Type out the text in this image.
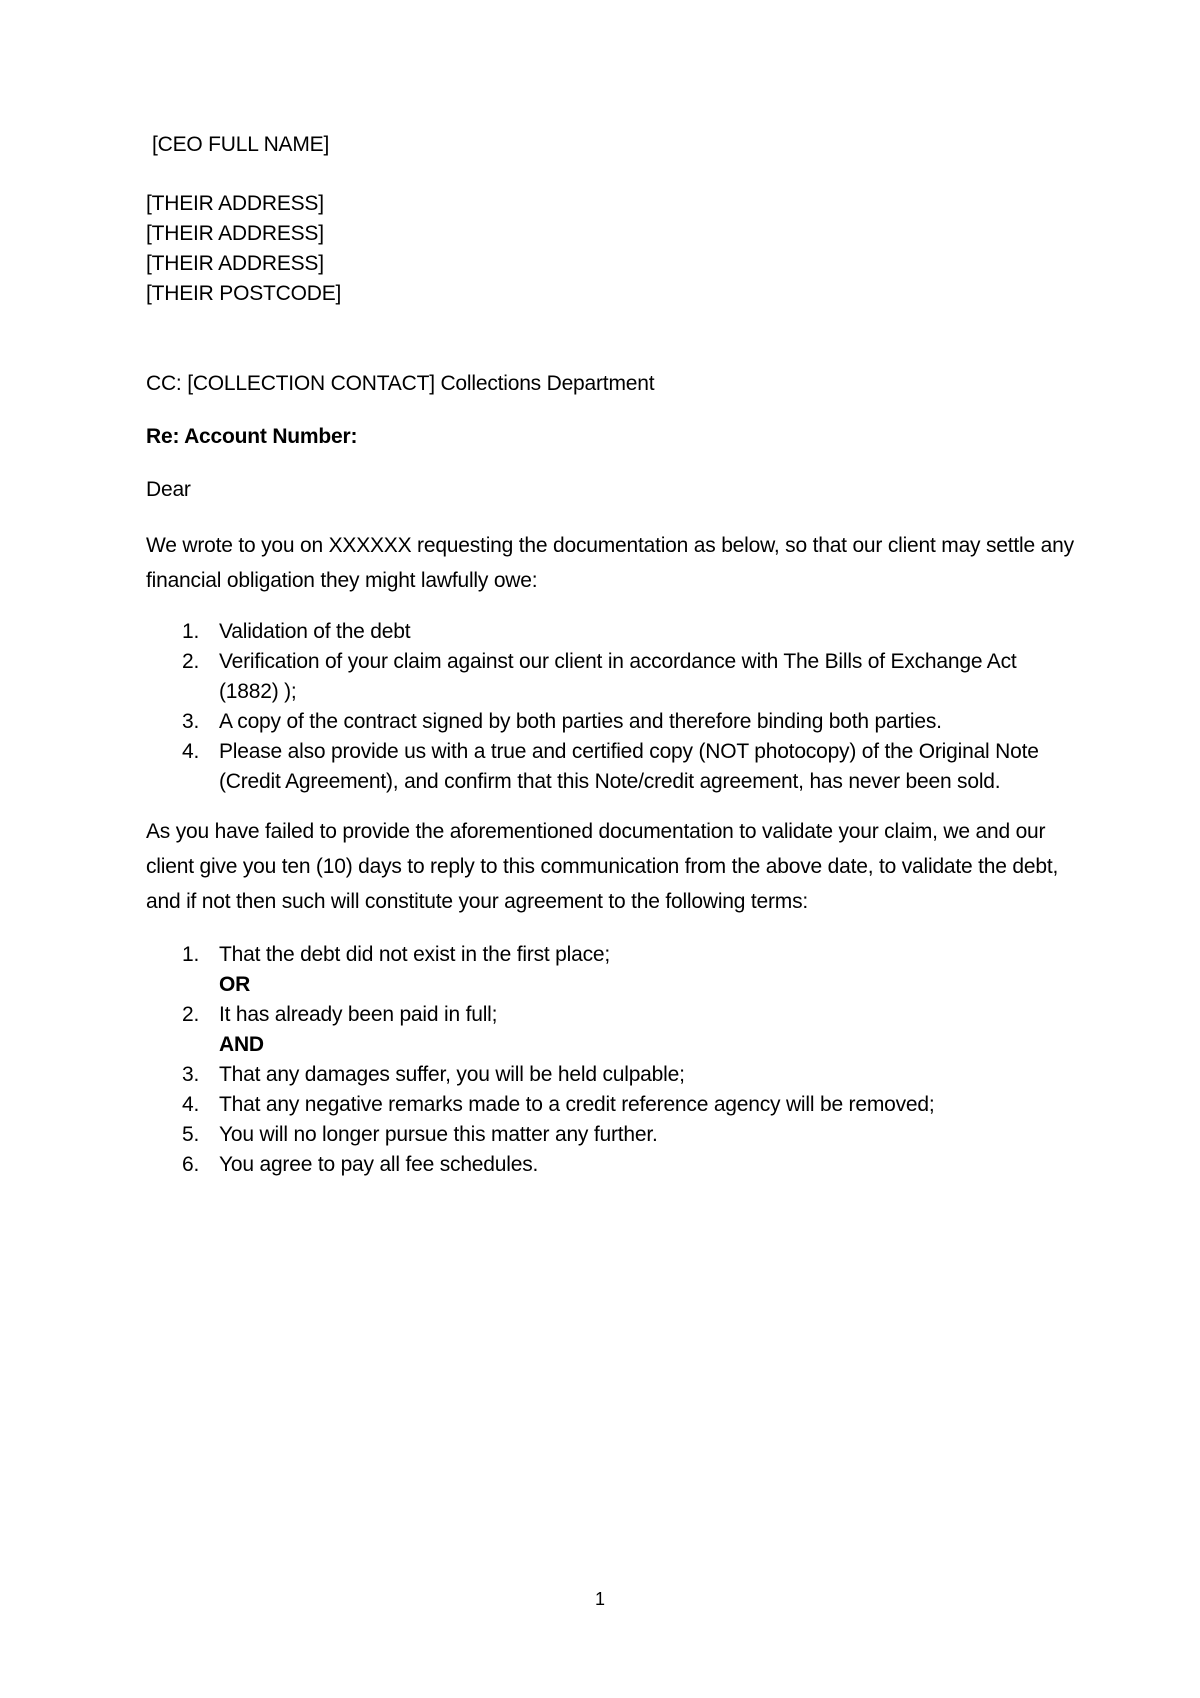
[CEO FULL NAME]

[THEIR ADDRESS]

[THEIR ADDRESS]

[THEIR ADDRESS]

[THEIR POSTCODE]

CC: [COLLECTION CONTACT] Collections Department

Re: Account Number:

Dear

We wrote to you on XXXXXX requesting the documentation as below, so that our client may settle any financial obligation they might lawfully owe:

1. Validation of the debt
2. Verification of your claim against our client in accordance with The Bills of Exchange Act (1882) );
3. A copy of the contract signed by both parties and therefore binding both parties.
4. Please also provide us with a true and certified copy (NOT photocopy) of the Original Note (Credit Agreement), and confirm that this Note/credit agreement, has never been sold.

As you have failed to provide the aforementioned documentation to validate your claim, we and our client give you ten (10) days to reply to this communication from the above date, to validate the debt, and if not then such will constitute your agreement to the following terms:

1. That the debt did not exist in the first place;
OR
2. It has already been paid in full;
AND
3. That any damages suffer, you will be held culpable;
4. That any negative remarks made to a credit reference agency will be removed;
5. You will no longer pursue this matter any further.
6. You agree to pay all fee schedules.
1
